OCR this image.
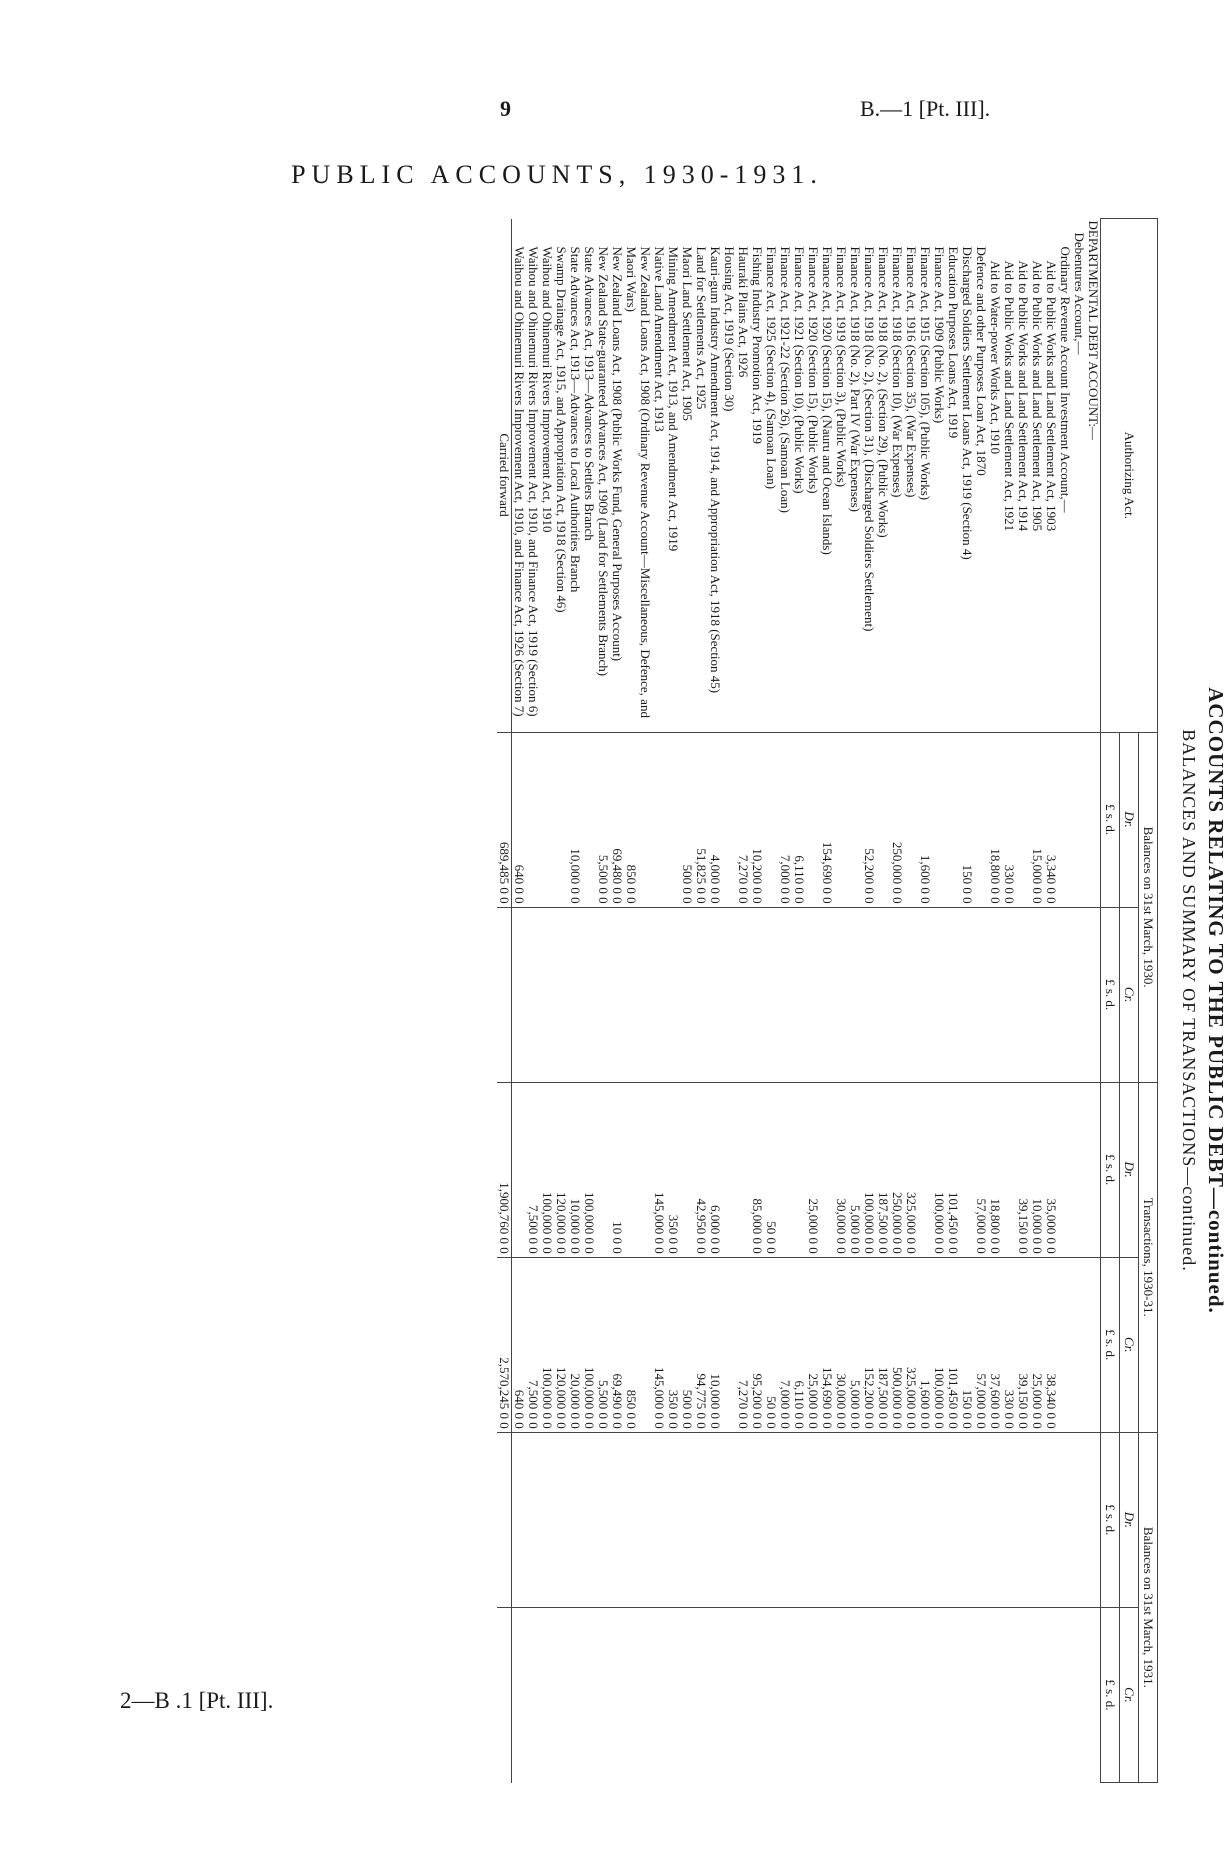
9	B.—1 [Pt. III].
PUBLIC ACCOUNTS, 1930-1931.
ACCOUNTS RELATING TO THE PUBLIC DEBT—continued.
BALANCES AND SUMMARY OF TRANSACTIONS—continued.
Authorizing Act.	Balances on 31st March, 1930.		Transactions, 1930-31.		Balances on 31st March, 1931.	
	Dr.	Cr.	Dr.	Cr.	Dr.	Cr.
	£ s. d.	£ s. d.	£ s. d.	£ s. d.	£ s. d.	£ s. d.
DEPARTMENTAL DEBT ACCOUNT:—						
Debentures Account,—						
Ordinary Revenue Account Investment Account,—						
Aid to Public Works and Land Settlement Act, 1903	3,340 0 0		35,000 0 0	38,340 0 0		
Aid to Public Works and Land Settlement Act, 1905	15,000 0 0		10,000 0 0	25,000 0 0		
Aid to Public Works and Land Settlement Act, 1914			39,150 0 0	39,150 0 0		
Aid to Public Works and Land Settlement Act, 1921	330 0 0			330 0 0		
Aid to Water-power Works Act, 1910	18,800 0 0		18,800 0 0	37,600 0 0		
Defence and other Purposes Loan Act, 1870			57,000 0 0	57,000 0 0		
Discharged Soldiers Settlement Loans Act, 1919 (Section 4)	150 0 0			150 0 0		
Education Purposes Loans Act, 1919			101,450 0 0	101,450 0 0		
Finance Act, 1909 (Public Works)			100,000 0 0	100,000 0 0		
Finance Act, 1915 (Section 105), (Public Works)	1,600 0 0			1,600 0 0		
Finance Act, 1916 (Section 35), (War Expenses)			325,000 0 0	325,000 0 0		
Finance Act, 1918 (Section 10), (War Expenses)	250,000 0 0		250,000 0 0	500,000 0 0		
Finance Act, 1918 (No. 2), (Section 29), (Public Works)			187,500 0 0	187,500 0 0		
Finance Act, 1918 (No. 2), (Section 31), (Discharged Soldiers Settlement)	52,200 0 0		100,000 0 0	152,200 0 0		
Finance Act, 1918 (No. 2), Part IV (War Expenses)			5,000 0 0	5,000 0 0		
Finance Act, 1919 (Section 3), (Public Works)			30,000 0 0	30,000 0 0		
Finance Act, 1920 (Section 15), (Nauru and Ocean Islands)	154,690 0 0			154,690 0 0		
Finance Act, 1920 (Section 15), (Public Works)			25,000 0 0	25,000 0 0		
Finance Act, 1921 (Section 10), (Public Works)	6,110 0 0			6,110 0 0		
Finance Act, 1921-22 (Section 26), (Samoan Loan)	7,000 0 0			7,000 0 0		
Finance Act, 1925 (Section 4), (Samoan Loan)			50 0 0	50 0 0		
Fishing Industry Promotion Act, 1919	10,200 0 0		85,000 0 0	95,200 0 0		
Hauraki Plains Act, 1926	7,270 0 0			7,270 0 0		
Housing Act, 1919 (Section 30)						
Kauri-gum Industry Amendment Act, 1914, and Appropriation Act, 1918 (Section 45)	4,000 0 0		6,000 0 0	10,000 0 0		
Land for Settlements Act, 1925	51,825 0 0		42,950 0 0	94,775 0 0		
Maori Land Settlement Act, 1905	500 0 0			500 0 0		
Mining Amendment Act, 1913, and Amendment Act, 1919			350 0 0	350 0 0		
Native Land Amendment Act, 1913			145,000 0 0	145,000 0 0		
New Zealand Loans Act, 1908 (Ordinary Revenue Account—Miscellaneous, Defence, and Maori Wars)	850 0 0			850 0 0		
New Zealand Loans Act, 1908 (Public Works Fund, General Purposes Account)	69,480 0 0		10 0 0	69,490 0 0		
New Zealand State-guaranteed Advances Act, 1909 (Land for Settlements Branch)	5,500 0 0			5,500 0 0		
State Advances Act, 1913—Advances to Settlers Branch			100,000 0 0	100,000 0 0		
State Advances Act, 1913—Advances to Local Authorities Branch	10,000 0 0		10,000 0 0	20,000 0 0		
Swamp Drainage Act, 1915, and Appropriation Act, 1918 (Section 46)			120,000 0 0	120,000 0 0		
Waihou and Ohinemuri Rivers Improvement Act, 1910			100,000 0 0	100,000 0 0		
Waihou and Ohinemuri Rivers Improvement Act, 1910, and Finance Act, 1919 (Section 6)			7,500 0 0	7,500 0 0		
Waihou and Ohinemuri Rivers Improvement Act, 1910, and Finance Act, 1926 (Section 7)	640 0 0			640 0 0		
Carried forward	689,485 0 0		1,900,760 0 0	2,570,245 0 0		
2—B .1 [Pt. III].
